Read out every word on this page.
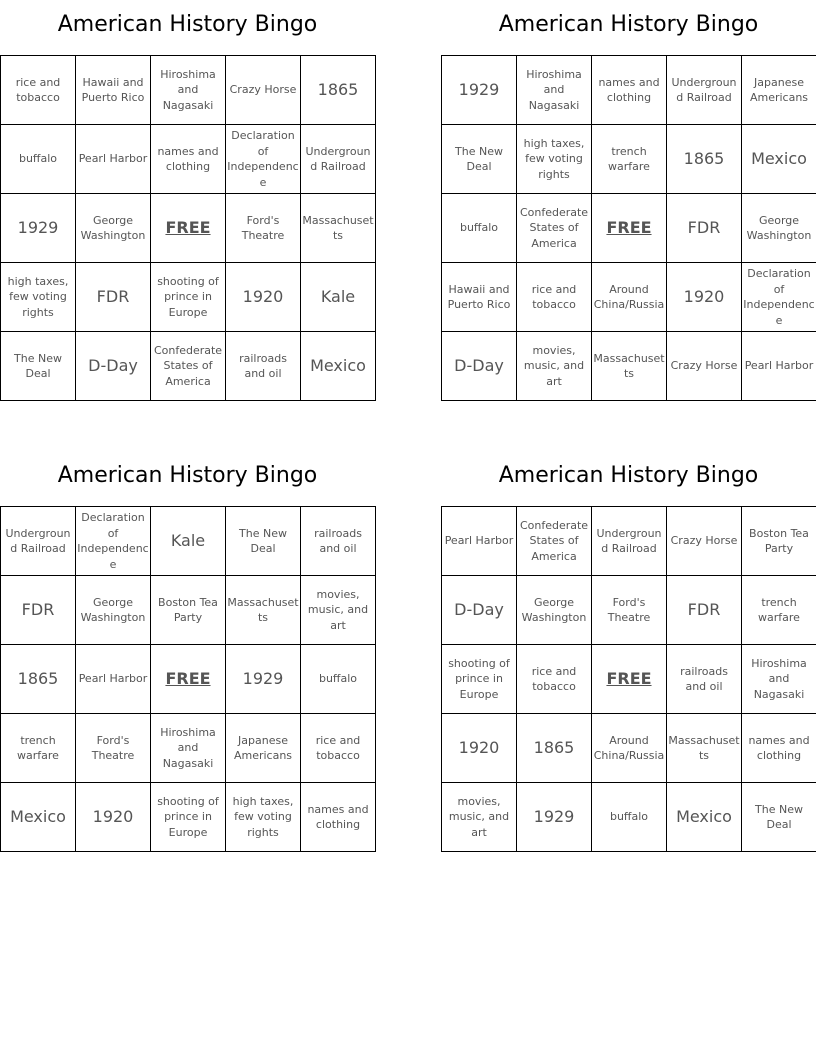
American History Bingo
rice and tobacco	Hawaii and Puerto Rico	Hiroshima and Nagasaki	Crazy Horse	1865
buffalo	Pearl Harbor	names and clothing	Declaration of Independence	Underground Railroad
1929	George Washington	FREE	Ford's Theatre	Massachusetts
high taxes, few voting rights	FDR	shooting of prince in Europe	1920	Kale
The New Deal	D-Day	Confederate States of America	railroads and oil	Mexico
American History Bingo
1929	Hiroshima and Nagasaki	names and clothing	Underground Railroad	Japanese Americans
The New Deal	high taxes, few voting rights	trench warfare	1865	Mexico
buffalo	Confederate States of America	FREE	FDR	George Washington
Hawaii and Puerto Rico	rice and tobacco	Around China/Russia	1920	Declaration of Independence
D-Day	movies, music, and art	Massachusetts	Crazy Horse	Pearl Harbor
American History Bingo
Underground Railroad	Declaration of Independence	Kale	The New Deal	railroads and oil
FDR	George Washington	Boston Tea Party	Massachusetts	movies, music, and art
1865	Pearl Harbor	FREE	1929	buffalo
trench warfare	Ford's Theatre	Hiroshima and Nagasaki	Japanese Americans	rice and tobacco
Mexico	1920	shooting of prince in Europe	high taxes, few voting rights	names and clothing
American History Bingo
Pearl Harbor	Confederate States of America	Underground Railroad	Crazy Horse	Boston Tea Party
D-Day	George Washington	Ford's Theatre	FDR	trench warfare
shooting of prince in Europe	rice and tobacco	FREE	railroads and oil	Hiroshima and Nagasaki
1920	1865	Around China/Russia	Massachusetts	names and clothing
movies, music, and art	1929	buffalo	Mexico	The New Deal
